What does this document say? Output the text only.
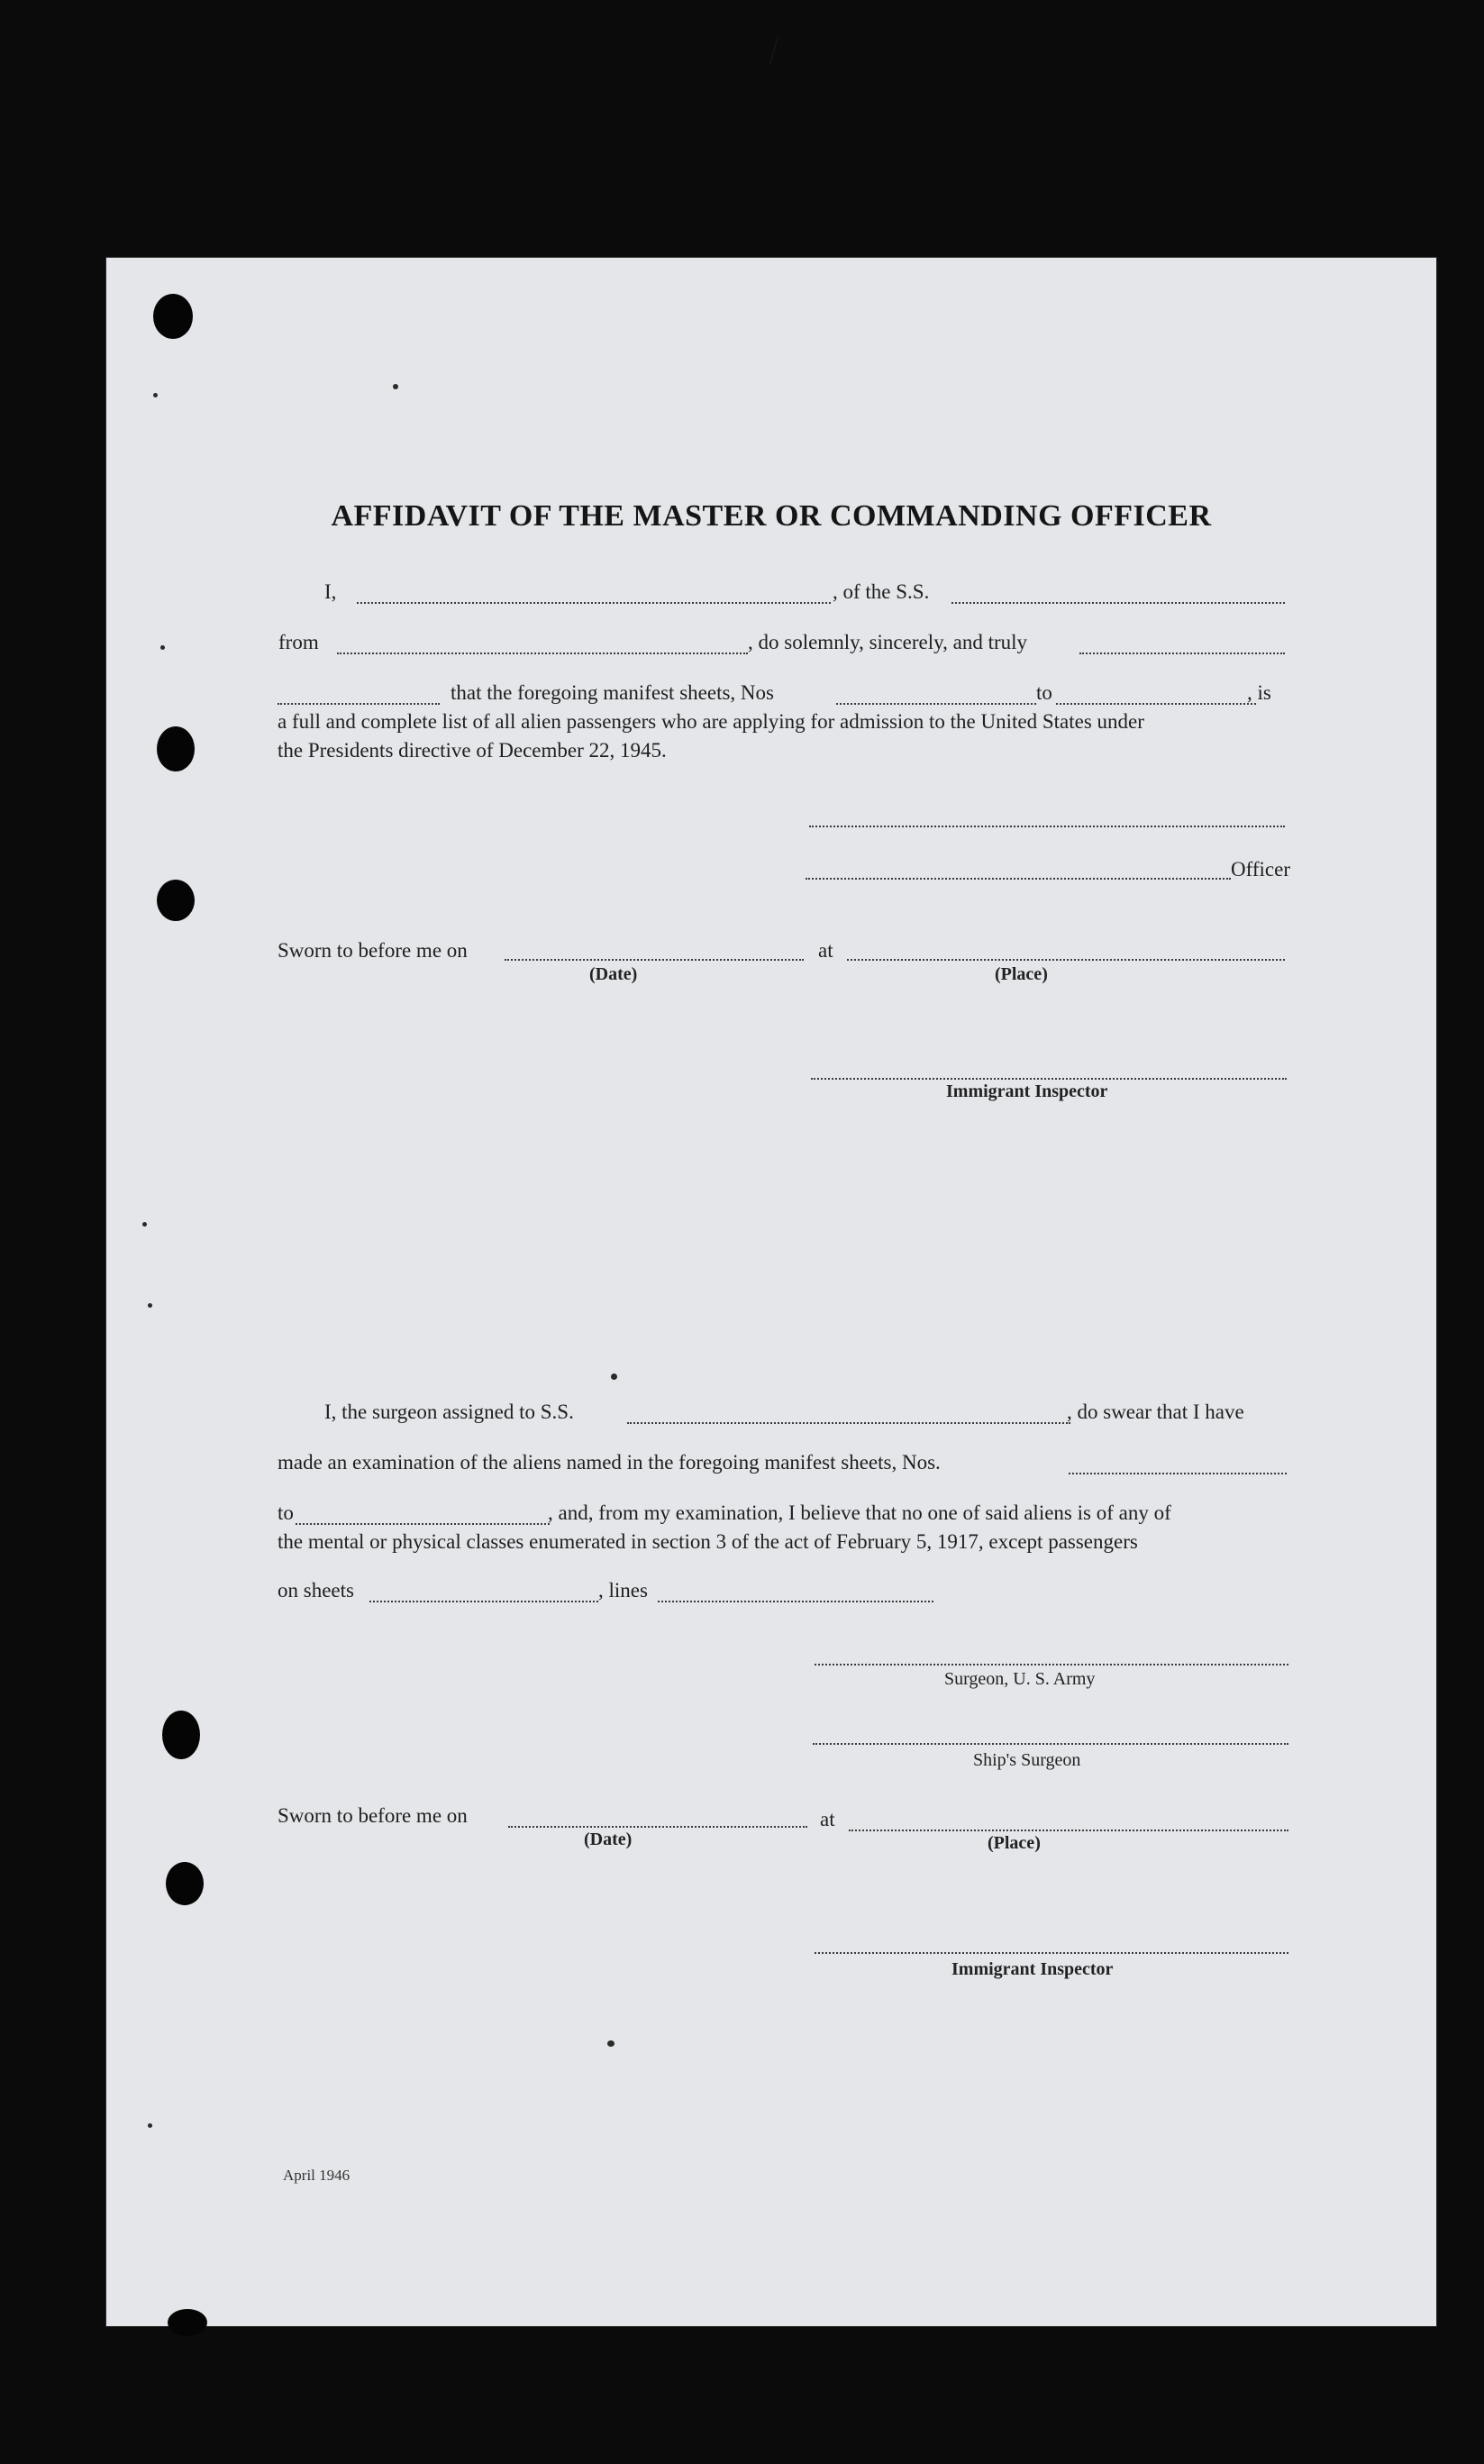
AFFIDAVIT OF THE MASTER OR COMMANDING OFFICER
I,	, of the S.S.
from	, do solemnly, sincerely, and truly
that the foregoing manifest sheets, Nos	to	, is
a full and complete list of all alien passengers who are applying for admission to the United States under
the Presidents directive of December 22, 1945.
Officer
Sworn to before me on	at
(Date)	(Place)
Immigrant Inspector
I, the surgeon assigned to S.S.	, do swear that I have
made an examination of the aliens named in the foregoing manifest sheets, Nos.
to	, and, from my examination, I believe that no one of said aliens is of any of
the mental or physical classes enumerated in section 3 of the act of February 5, 1917, except passengers
on sheets	, lines
Surgeon, U. S. Army
Ship's Surgeon
Sworn to before me on	at
(Date)	(Place)
Immigrant Inspector
April 1946
⁄
